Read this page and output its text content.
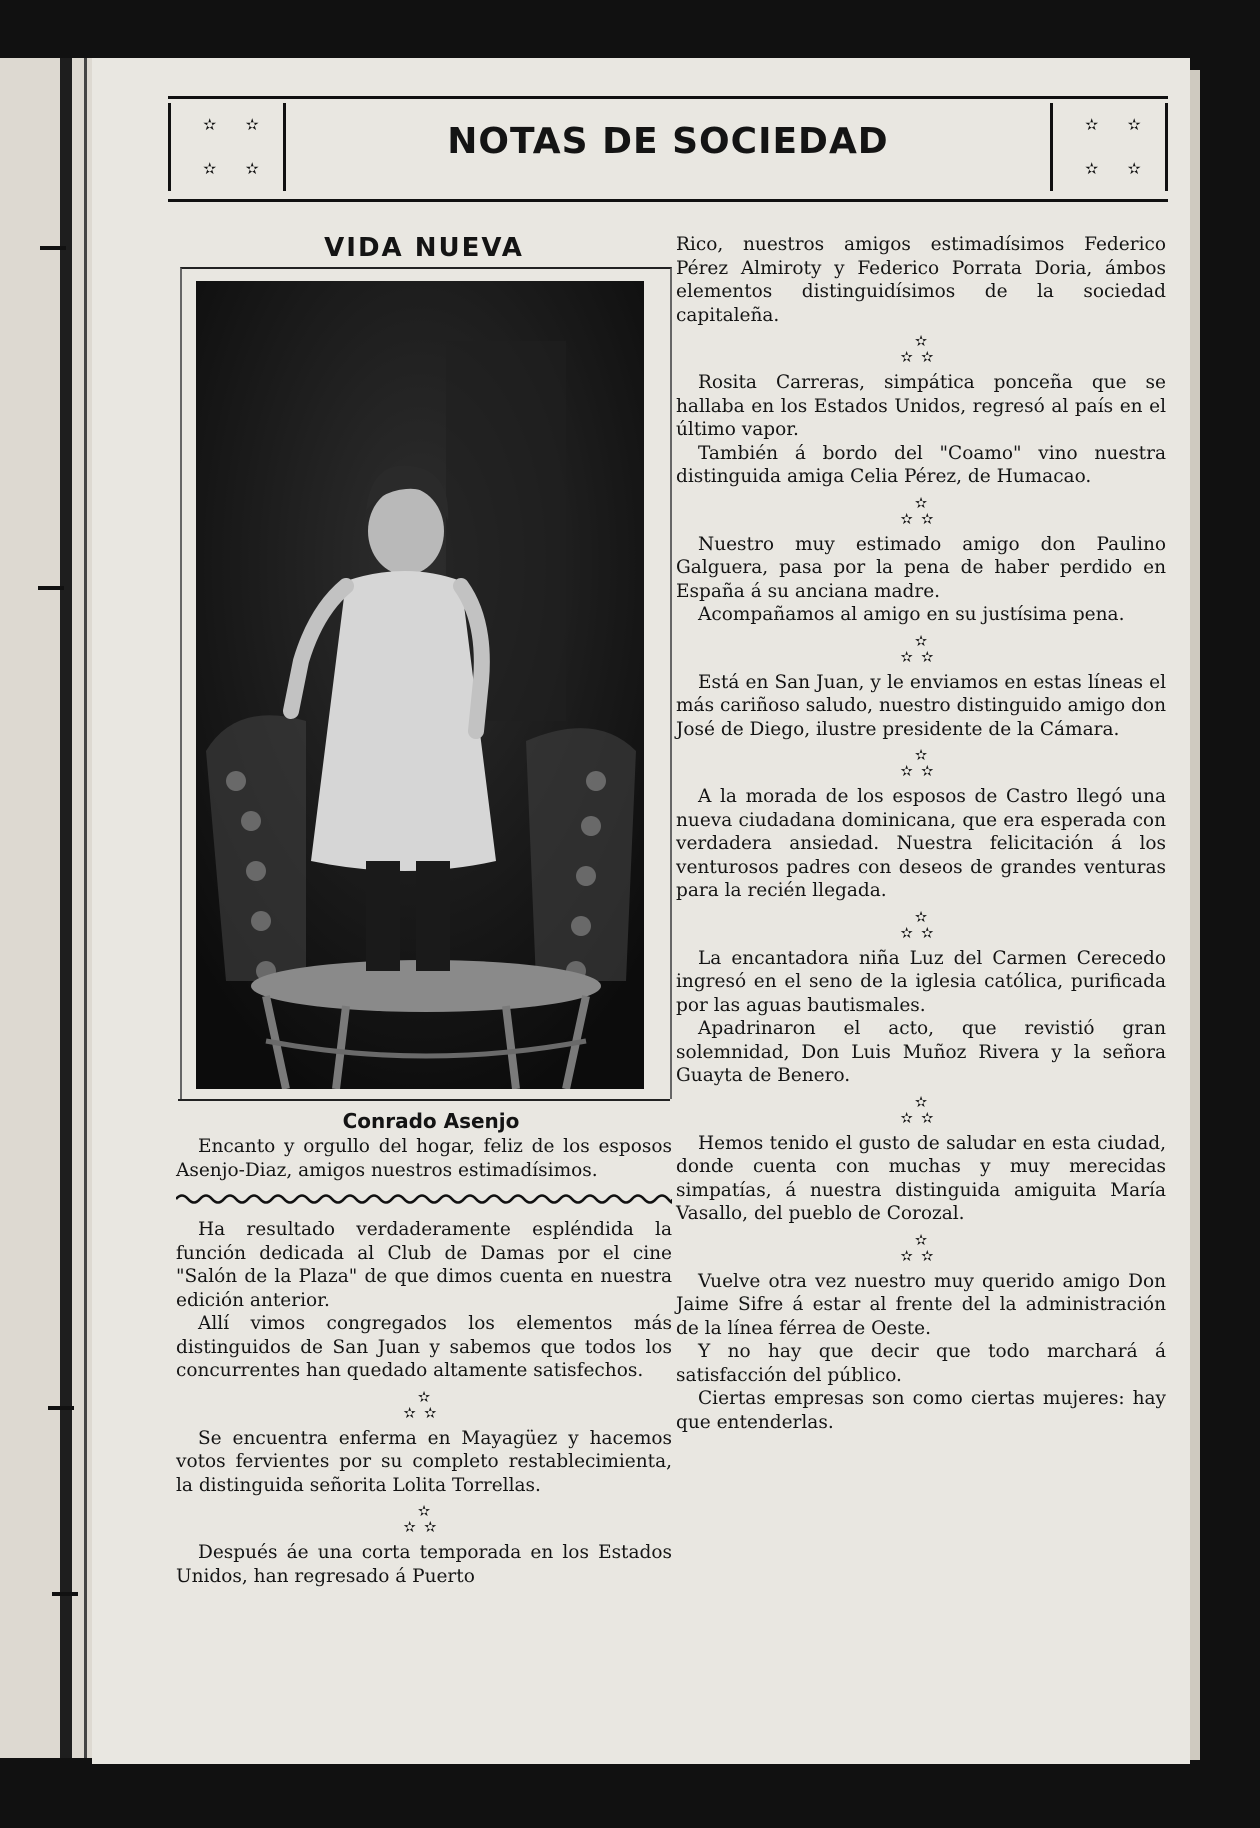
✫ ✫
✫ ✫
NOTAS DE SOCIEDAD	✫ ✫
✫ ✫
VIDA NUEVA
Conrado Asenjo

Encanto y orgullo del hogar, feliz de los esposos Asenjo-Diaz, amigos nuestros estimadísimos.

Ha resultado verdaderamente espléndida la función dedicada al Club de Damas por el cine "Salón de la Plaza" de que dimos cuenta en nuestra edición anterior.

Allí vimos congregados los elementos más distinguidos de San Juan y sabemos que todos los concurrentes han quedado altamente satisfechos.

✫
✫✫

Se encuentra enferma en Mayagüez y hacemos votos fervientes por su completo restablecimienta, la distinguida señorita Lolita Torrellas.

✫
✫✫

Después áe una corta temporada en los Estados Unidos, han regresado á Puerto

Rico, nuestros amigos estimadísimos Federico Pérez Almiroty y Federico Porrata Doria, ámbos elementos distinguidísimos de la sociedad capitaleña.

✫
✫✫

Rosita Carreras, simpática ponceña que se hallaba en los Estados Unidos, regresó al país en el último vapor.

También á bordo del "Coamo" vino nuestra distinguida amiga Celia Pérez, de Humacao.

✫
✫✫

Nuestro muy estimado amigo don Paulino Galguera, pasa por la pena de haber perdido en España á su anciana madre.

Acompañamos al amigo en su justísima pena.

✫
✫✫

Está en San Juan, y le enviamos en estas líneas el más cariñoso saludo, nuestro distinguido amigo don José de Diego, ilustre presidente de la Cámara.

✫
✫✫

A la morada de los esposos de Castro llegó una nueva ciudadana dominicana, que era esperada con verdadera ansiedad. Nuestra felicitación á los venturosos padres con deseos de grandes venturas para la recién llegada.

✫
✫✫

La encantadora niña Luz del Carmen Cerecedo ingresó en el seno de la iglesia católica, purificada por las aguas bautismales.

Apadrinaron el acto, que revistió gran solemnidad, Don Luis Muñoz Rivera y la señora Guayta de Benero.

✫
✫✫

Hemos tenido el gusto de saludar en esta ciudad, donde cuenta con muchas y muy merecidas simpatías, á nuestra distinguida amiguita María Vasallo, del pueblo de Corozal.

✫
✫✫

Vuelve otra vez nuestro muy querido amigo Don Jaime Sifre á estar al frente del la administración de la línea férrea de Oeste.

Y no hay que decir que todo marchará á satisfacción del público.

Ciertas empresas son como ciertas mujeres: hay que entenderlas.
